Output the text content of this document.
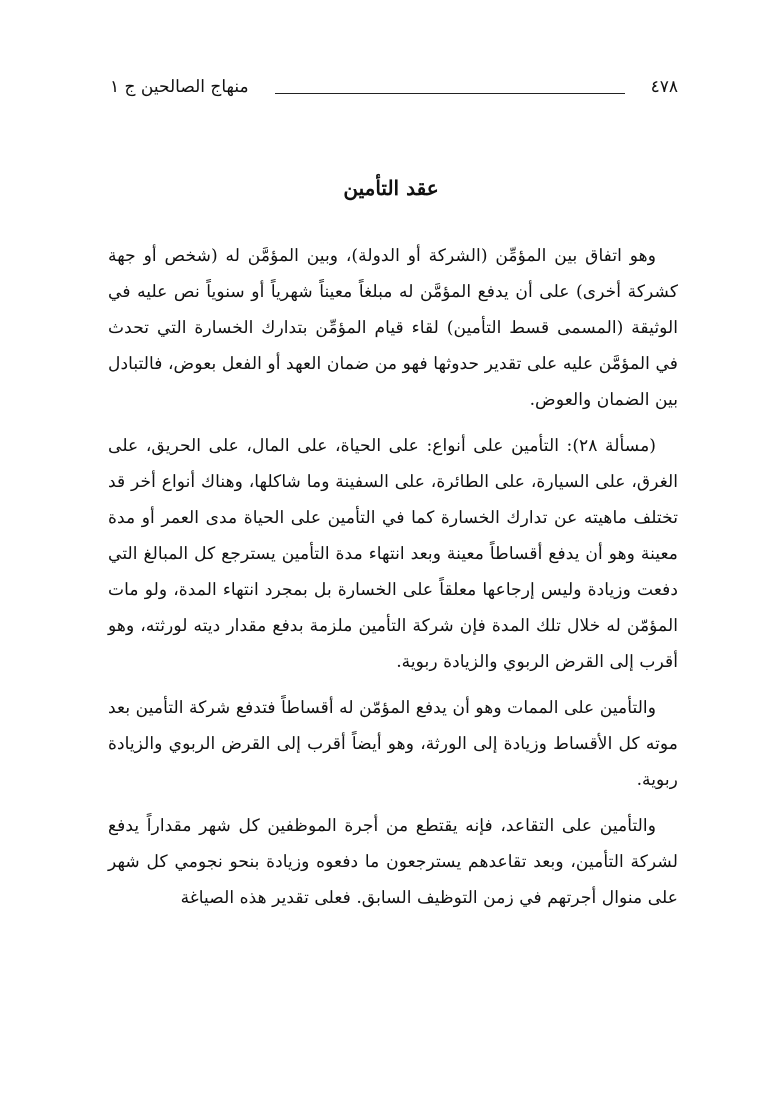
٤٧٨
منهاج الصالحين ج ١
عقد التأمين

وهو اتفاق بين المؤمِّن (الشركة أو الدولة)، وبين المؤمَّن له (شخص أو جهة كشركة أخرى) على أن يدفع المؤمَّن له مبلغاً معيناً شهرياً أو سنوياً نص عليه في الوثيقة (المسمى قسط التأمين) لقاء قيام المؤمِّن بتدارك الخسارة التي تحدث في المؤمَّن عليه على تقدير حدوثها فهو من ضمان العهد أو الفعل بعوض، فالتبادل بين الضمان والعوض.

(مسألة ٢٨): التأمين على أنواع: على الحياة، على المال، على الحريق، على الغرق، على السيارة، على الطائرة، على السفينة وما شاكلها، وهناك أنواع أخر قد تختلف ماهيته عن تدارك الخسارة كما في التأمين على الحياة مدى العمر أو مدة معينة وهو أن يدفع أقساطاً معينة وبعد انتهاء مدة التأمين يسترجع كل المبالغ التي دفعت وزيادة وليس إرجاعها معلقاً على الخسارة بل بمجرد انتهاء المدة، ولو مات المؤمّن له خلال تلك المدة فإن شركة التأمين ملزمة بدفع مقدار ديته لورثته، وهو أقرب إلى القرض الربوي والزيادة ربوية.

والتأمين على الممات وهو أن يدفع المؤمّن له أقساطاً فتدفع شركة التأمين بعد موته كل الأقساط وزيادة إلى الورثة، وهو أيضاً أقرب إلى القرض الربوي والزيادة ربوية.

والتأمين على التقاعد، فإنه يقتطع من أجرة الموظفين كل شهر مقداراً يدفع لشركة التأمين، وبعد تقاعدهم يسترجعون ما دفعوه وزيادة بنحو نجومي كل شهر على منوال أجرتهم في زمن التوظيف السابق. فعلى تقدير هذه الصياغة
